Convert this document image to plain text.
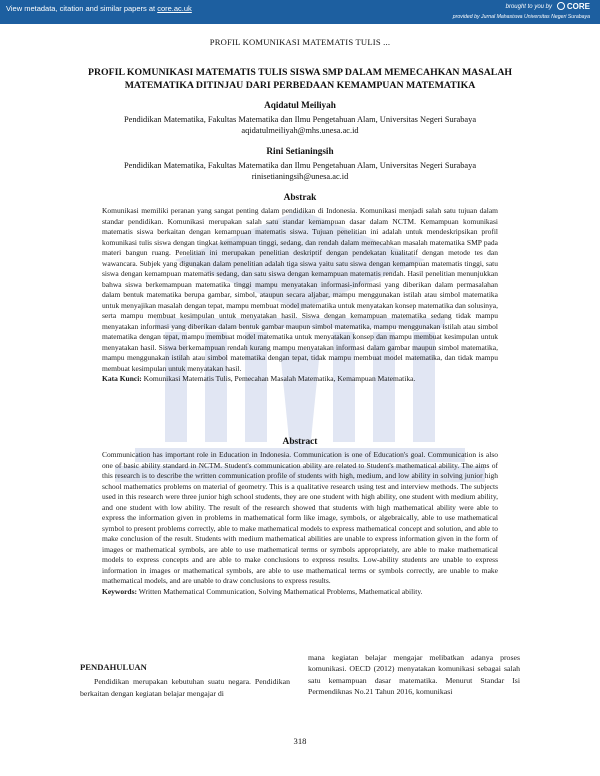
View metadata, citation and similar papers at core.ac.uk	brought to you by	CORE
provided by Jurnal Mahasiswa Universitas Negeri Surabaya
PROFIL KOMUNIKASI MATEMATIS TULIS ...
PROFIL KOMUNIKASI MATEMATIS TULIS SISWA SMP DALAM MEMECAHKAN MASALAH
MATEMATIKA DITINJAU DARI PERBEDAAN KEMAMPUAN MATEMATIKA
Aqidatul Meiliyah
Pendidikan Matematika, Fakultas Matematika dan Ilmu Pengetahuan Alam, Universitas Negeri Surabaya
aqidatulmeiliyah@mhs.unesa.ac.id
Rini Setianingsih
Pendidikan Matematika, Fakultas Matematika dan Ilmu Pengetahuan Alam, Universitas Negeri Surabaya
rinisetianingsih@unesa.ac.id
Abstrak
Komunikasi memiliki peranan yang sangat penting dalam pendidikan di Indonesia. Komunikasi menjadi salah satu tujuan dalam standar pendidikan. Komunikasi merupakan salah satu standar kemampuan dasar dalam NCTM. Kemampuan komunikasi matematis siswa berkaitan dengan kemampuan matematis siswa. Tujuan penelitian ini adalah untuk mendeskripsikan profil komunikasi tulis siswa dengan tingkat kemampuan tinggi, sedang, dan rendah dalam memecahkan masalah matematika SMP pada materi bangun ruang. Penelitian ini merupakan penelitian deskriptif dengan pendekatan kualitatif dengan metode tes dan wawancara. Subjek yang digunakan dalam penelitian adalah tiga siswa yaitu satu siswa dengan kemampuan matematis tinggi, satu siswa dengan kemampuan matematis sedang, dan satu siswa dengan kemampuan matematis rendah. Hasil penelitian menunjukkan bahwa siswa berkemampuan matematika tinggi mampu menyatakan informasi-informasi yang diberikan dalam permasalahan dalam bentuk matematika berupa gambar, simbol, ataupun secara aljabar, mampu menggunakan istilah atau simbol matematika untuk menyajikan masalah dengan tepat, mampu membuat model matematika untuk menyatakan konsep matematika dan solusinya, serta mampu membuat kesimpulan untuk menyatakan hasil. Siswa dengan kemampuan matematika sedang tidak mampu menyatakan informasi yang diberikan dalam bentuk gambar maupun simbol matematika, mampu menggunakan istilah atau simbol matematika dengan tepat, mampu membuat model matematika untuk menyatakan konsep dan mampu membuat kesimpulan untuk menyatakan hasil. Siswa berkemampuan rendah kurang mampu menyatakan informasi dalam gambar maupun simbol matematika, mampu menggunakan istilah atau simbol matematika dengan tepat, tidak mampu membuat model matematika, dan tidak mampu membuat kesimpulan untuk menyatakan hasil.
Kata Kunci: Komunikasi Matematis Tulis, Pemecahan Masalah Matematika, Kemampuan Matematika.
Abstract
Communication has important role in Education in Indonesia. Communication is one of Education's goal. Communication is also one of basic ability standard in NCTM. Student's communication ability are related to Student's mathematical ability. The aims of this research is to describe the written communication profile of students with high, medium, and low ability in solving junior high school mathematics problems on material of geometry. This is a qualitative research using test and interview methods. The subjects used in this research were three junior high school students, they are one student with high ability, one student with medium ability, and one student with low ability. The result of the research showed that students with high mathematical ability were able to express the information given in problems in mathematical form like image, symbols, or algebraically, able to use mathematical symbol to present problems correctly, able to make mathematical models to express mathematical concept and solution, and able to make conclusion of the result. Students with medium mathematical abilities are unable to express information given in the form of images or mathematical symbols, are able to use mathematical terms or symbols appropriately, are able to make mathematical models to express concepts and are able to make conclusions to express results. Low-ability students are unable to express information in images or mathematical symbols, are able to use mathematical terms or symbols correctly, are unable to make mathematical models, and are unable to draw conclusions to express results.
Keywords: Written Mathematical Communication, Solving Mathematical Problems, Mathematical ability.
PENDAHULUAN

Pendidikan merupakan kebutuhan suatu negara. Pendidikan berkaitan dengan kegiatan belajar mengajar di

mana kegiatan belajar mengajar melibatkan adanya proses komunikasi. OECD (2012) menyatakan komunikasi sebagai salah satu kemampuan dasar matematika. Menurut Standar Isi Permendiknas No.21 Tahun 2016, komunikasi

318
